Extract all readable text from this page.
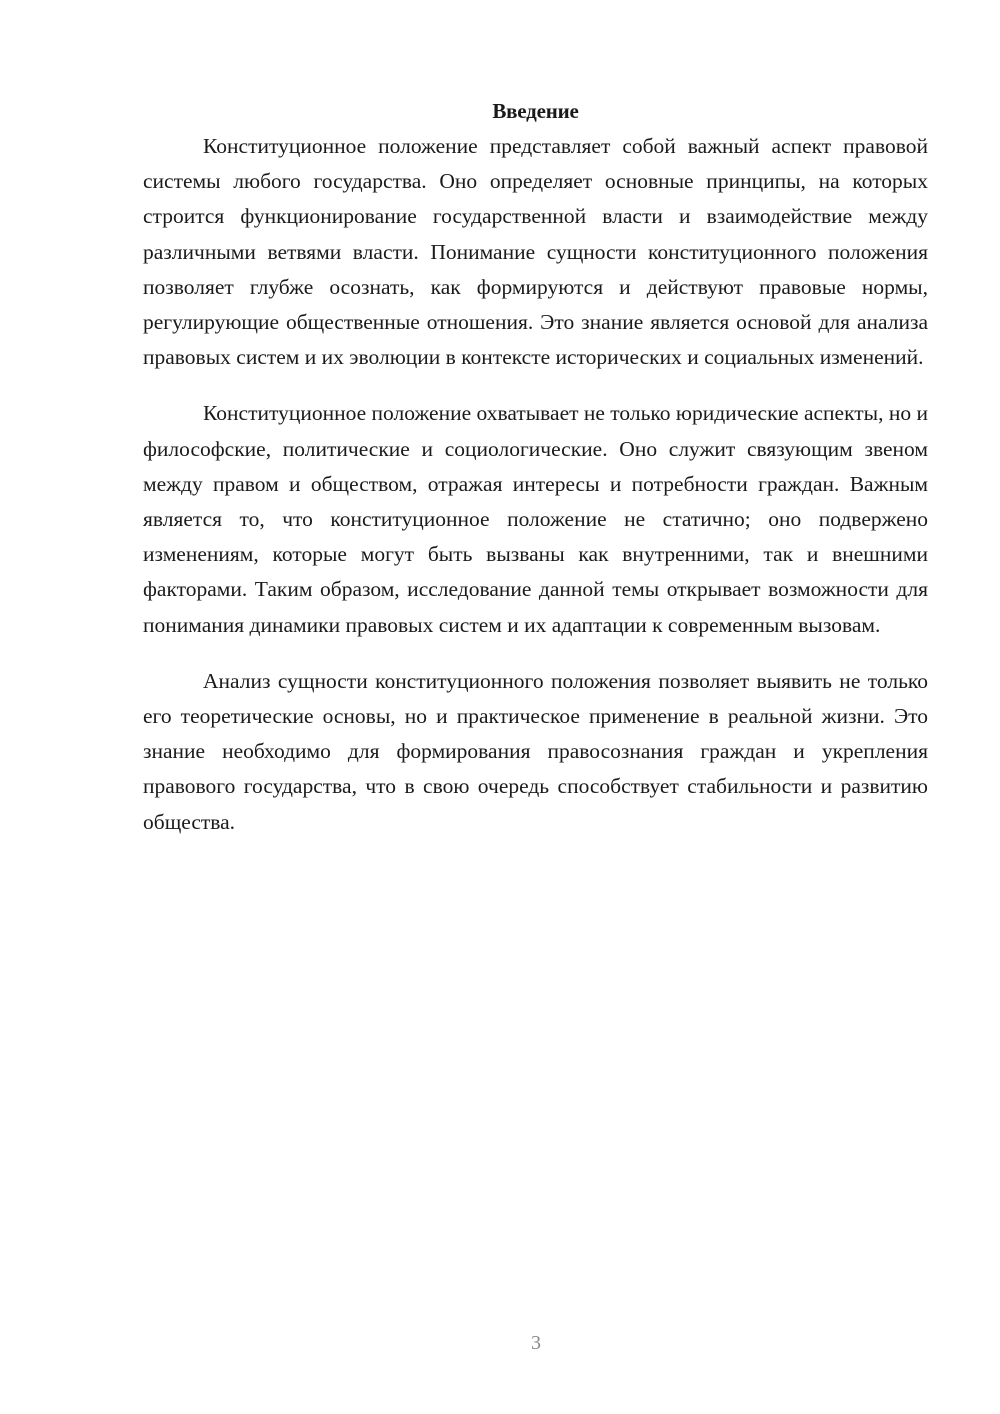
Введение

Конституционное положение представляет собой важный аспект правовой системы любого государства. Оно определяет основные принципы, на которых строится функционирование государственной власти и взаимодействие между различными ветвями власти. Понимание сущности конституционного положения позволяет глубже осознать, как формируются и действуют правовые нормы, регулирующие общественные отношения. Это знание является основой для анализа правовых систем и их эволюции в контексте исторических и социальных изменений.

Конституционное положение охватывает не только юридические аспекты, но и философские, политические и социологические. Оно служит связующим звеном между правом и обществом, отражая интересы и потребности граждан. Важным является то, что конституционное положение не статично; оно подвержено изменениям, которые могут быть вызваны как внутренними, так и внешними факторами. Таким образом, исследование данной темы открывает возможности для понимания динамики правовых систем и их адаптации к современным вызовам.

Анализ сущности конституционного положения позволяет выявить не только его теоретические основы, но и практическое применение в реальной жизни. Это знание необходимо для формирования правосознания граждан и укрепления правового государства, что в свою очередь способствует стабильности и развитию общества.

3
